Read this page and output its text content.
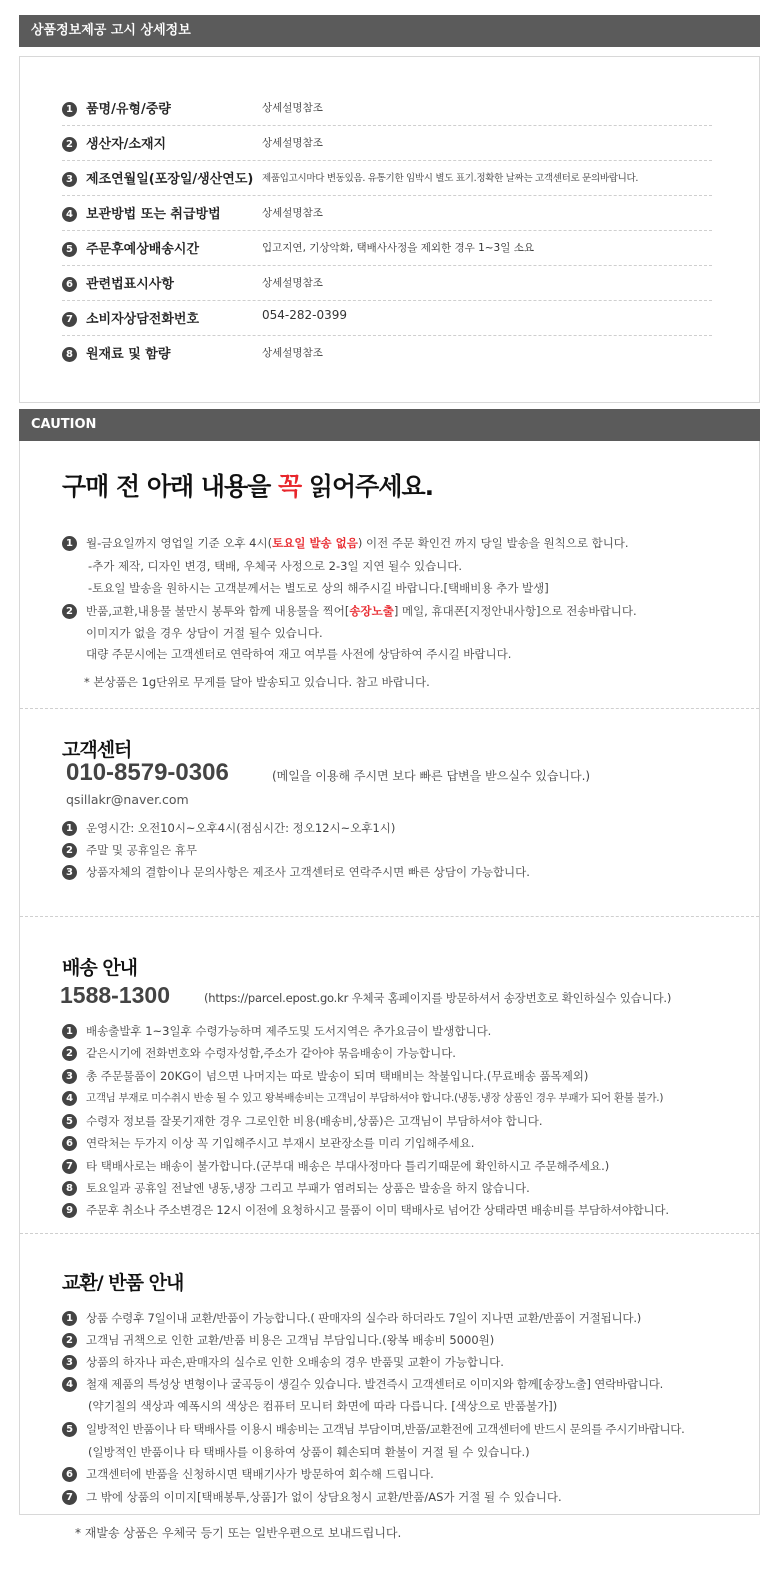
상품정보제공 고시 상세정보
1 품명/유형/중량	상세설명참조
2 생산자/소재지	상세설명참조
3 제조연월일(포장일/생산연도) 제품입고시마다 변동있음. 유통기한 임박시 별도 표기.정확한 날짜는 고객센터로 문의바랍니다.
4 보관방법 또는 취급방법	상세설명참조
5 주문후예상배송시간	입고지연, 기상악화, 택배사사정을 제외한 경우 1~3일 소요
6 관련법표시사항	상세설명참조
7 소비자상담전화번호	054-282-0399
8 원재료 및 함량	상세설명참조
CAUTION
구매 전 아래 내용을 꼭 읽어주세요.
1 월-금요일까지 영업일 기준 오후 4시(토요일 발송 없음) 이전 주문 확인건 까지 당일 발송을 원칙으로 합니다.
-추가 제작, 디자인 변경, 택배, 우체국 사정으로 2-3일 지연 될수 있습니다.
-토요일 발송을 원하시는 고객분께서는 별도로 상의 해주시길 바랍니다.[택배비용 추가 발생]
2 반품,교환,내용물 불만시 봉투와 함께 내용물을 찍어[송장노출] 메일, 휴대폰[지정안내사항]으로 전송바랍니다.
이미지가 없을 경우 상담이 거절 될수 있습니다.
대량 주문시에는 고객센터로 연락하여 재고 여부를 사전에 상담하여 주시길 바랍니다.
* 본상품은 1g단위로 무게를 달아 발송되고 있습니다. 참고 바랍니다.
고객센터
010-8579-0306	(메일을 이용해 주시면 보다 빠른 답변을 받으실수 있습니다.)
qsillakr@naver.com
1 운영시간: 오전10시~오후4시(점심시간: 정오12시~오후1시)
2 주말 및 공휴일은 휴무
3 상품자체의 결함이나 문의사항은 제조사 고객센터로 연락주시면 빠른 상담이 가능합니다.
배송 안내
1588-1300	(https://parcel.epost.go.kr 우체국 홈페이지를 방문하셔서 송장번호로 확인하실수 있습니다.)
1 배송출발후 1~3일후 수령가능하며 제주도및 도서지역은 추가요금이 발생합니다.
2 같은시기에 전화번호와 수령자성함,주소가 같아야 묶음배송이 가능합니다.
3 총 주문물품이 20KG이 넘으면 나머지는 따로 발송이 되며 택배비는 착불입니다.(무료배송 품목제외)
4 고객님 부재로 미수취시 반송 될 수 있고 왕복배송비는 고객님이 부담하셔야 합니다.(냉동,냉장 상품인 경우 부패가 되어 환불 불가.)
5 수령자 정보를 잘못기재한 경우 그로인한 비용(배송비,상품)은 고객님이 부담하셔야 합니다.
6 연락처는 두가지 이상 꼭 기입해주시고 부재시 보관장소를 미리 기입해주세요.
7 타 택배사로는 배송이 불가합니다.(군부대 배송은 부대사정마다 틀리기때문에 확인하시고 주문해주세요.)
8 토요일과 공휴일 전날엔 냉동,냉장 그리고 부패가 염려되는 상품은 발송을 하지 않습니다.
9 주문후 취소나 주소변경은 12시 이전에 요청하시고 물품이 이미 택배사로 넘어간 상태라면 배송비를 부담하셔야합니다.
교환/ 반품 안내
1 상품 수령후 7일이내 교환/반품이 가능합니다.( 판매자의 실수라 하더라도 7일이 지나면 교환/반품이 거절됩니다.)
2 고객님 귀책으로 인한 교환/반품 비용은 고객님 부담입니다.(왕복 배송비 5000원)
3 상품의 하자나 파손,판매자의 실수로 인한 오배송의 경우 반품및 교환이 가능합니다.
4 철재 제품의 특성상 변형이나 굴곡등이 생길수 있습니다. 발견즉시 고객센터로 이미지와 함께[송장노출] 연락바랍니다.
(약기칠의 색상과 예폭시의 색상은 컴퓨터 모니터 화면에 따라 다릅니다. [색상으로 반품불가])
5 일방적인 반품이나 타 택배사를 이용시 배송비는 고객님 부담이며,반품/교환전에 고객센터에 반드시 문의를 주시기바랍니다.
(일방적인 반품이나 타 택배사를 이용하여 상품이 훼손되며 환불이 거절 될 수 있습니다.)
6 고객센터에 반품을 신청하시면 택배기사가 방문하여 회수해 드립니다.
7 그 밖에 상품의 이미지[택배봉투,상품]가 없이 상담요청시 교환/반품/AS가 거절 될 수 있습니다.
* 재발송 상품은 우체국 등기 또는 일반우편으로 보내드립니다.
